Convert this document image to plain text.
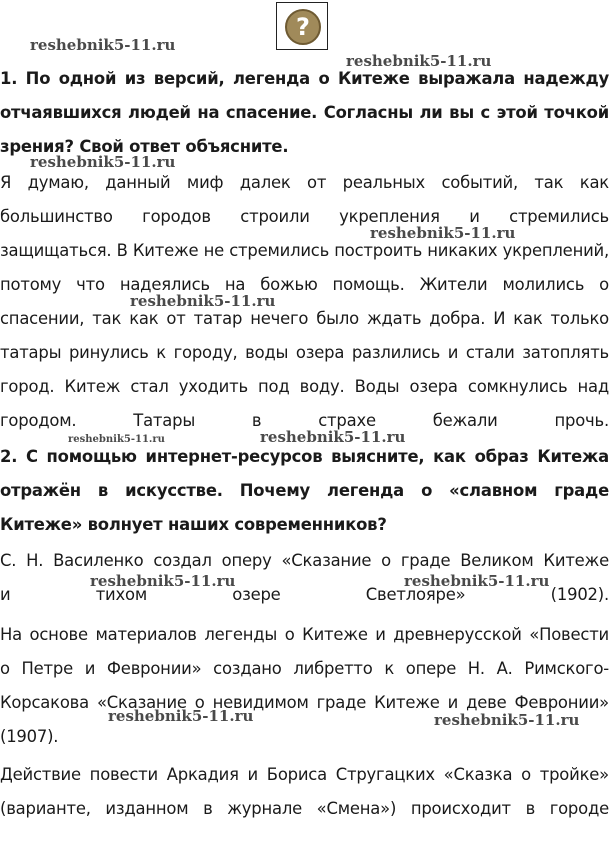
?
reshebnik5-11.ru
reshebnik5-11.ru
reshebnik5-11.ru
reshebnik5-11.ru
reshebnik5-11.ru
reshebnik5-11.ru	reshebnik5-11.ru
reshebnik5-11.ru	reshebnik5-11.ru
reshebnik5-11.ru	reshebnik5-11.ru
1. По одной из версий, легенда о Китеже выражала надежду
отчаявшихся людей на спасение. Согласны ли вы с этой точкой
зрения? Свой ответ объясните.
Я думаю, данный миф далек от реальных событий, так как
большинство городов строили укрепления и стремились
защищаться. В Китеже не стремились построить никаких укреплений,
потому что надеялись на божью помощь. Жители молились о
спасении, так как от татар нечего было ждать добра. И как только
татары ринулись к городу, воды озера разлились и стали затоплять
город. Китеж стал уходить под воду. Воды озера сомкнулись над
городом. Татары в страхе бежали прочь.
2. С помощью интернет-ресурсов выясните, как образ Китежа
отражён в искусстве. Почему легенда о «славном граде
Китеже» волнует наших современников?
С. Н. Василенко создал оперу «Сказание о граде Великом Китеже
и тихом озере Светлояре» (1902).
На основе материалов легенды о Китеже и древнерусской «Повести
о Петре и Февронии» создано либретто к опере Н. А. Римского-
Корсакова «Сказание о невидимом граде Китеже и деве Февронии»
(1907).
Действие повести Аркадия и Бориса Стругацких «Сказка о тройке»
(варианте, изданном в журнале «Смена») происходит в городе
